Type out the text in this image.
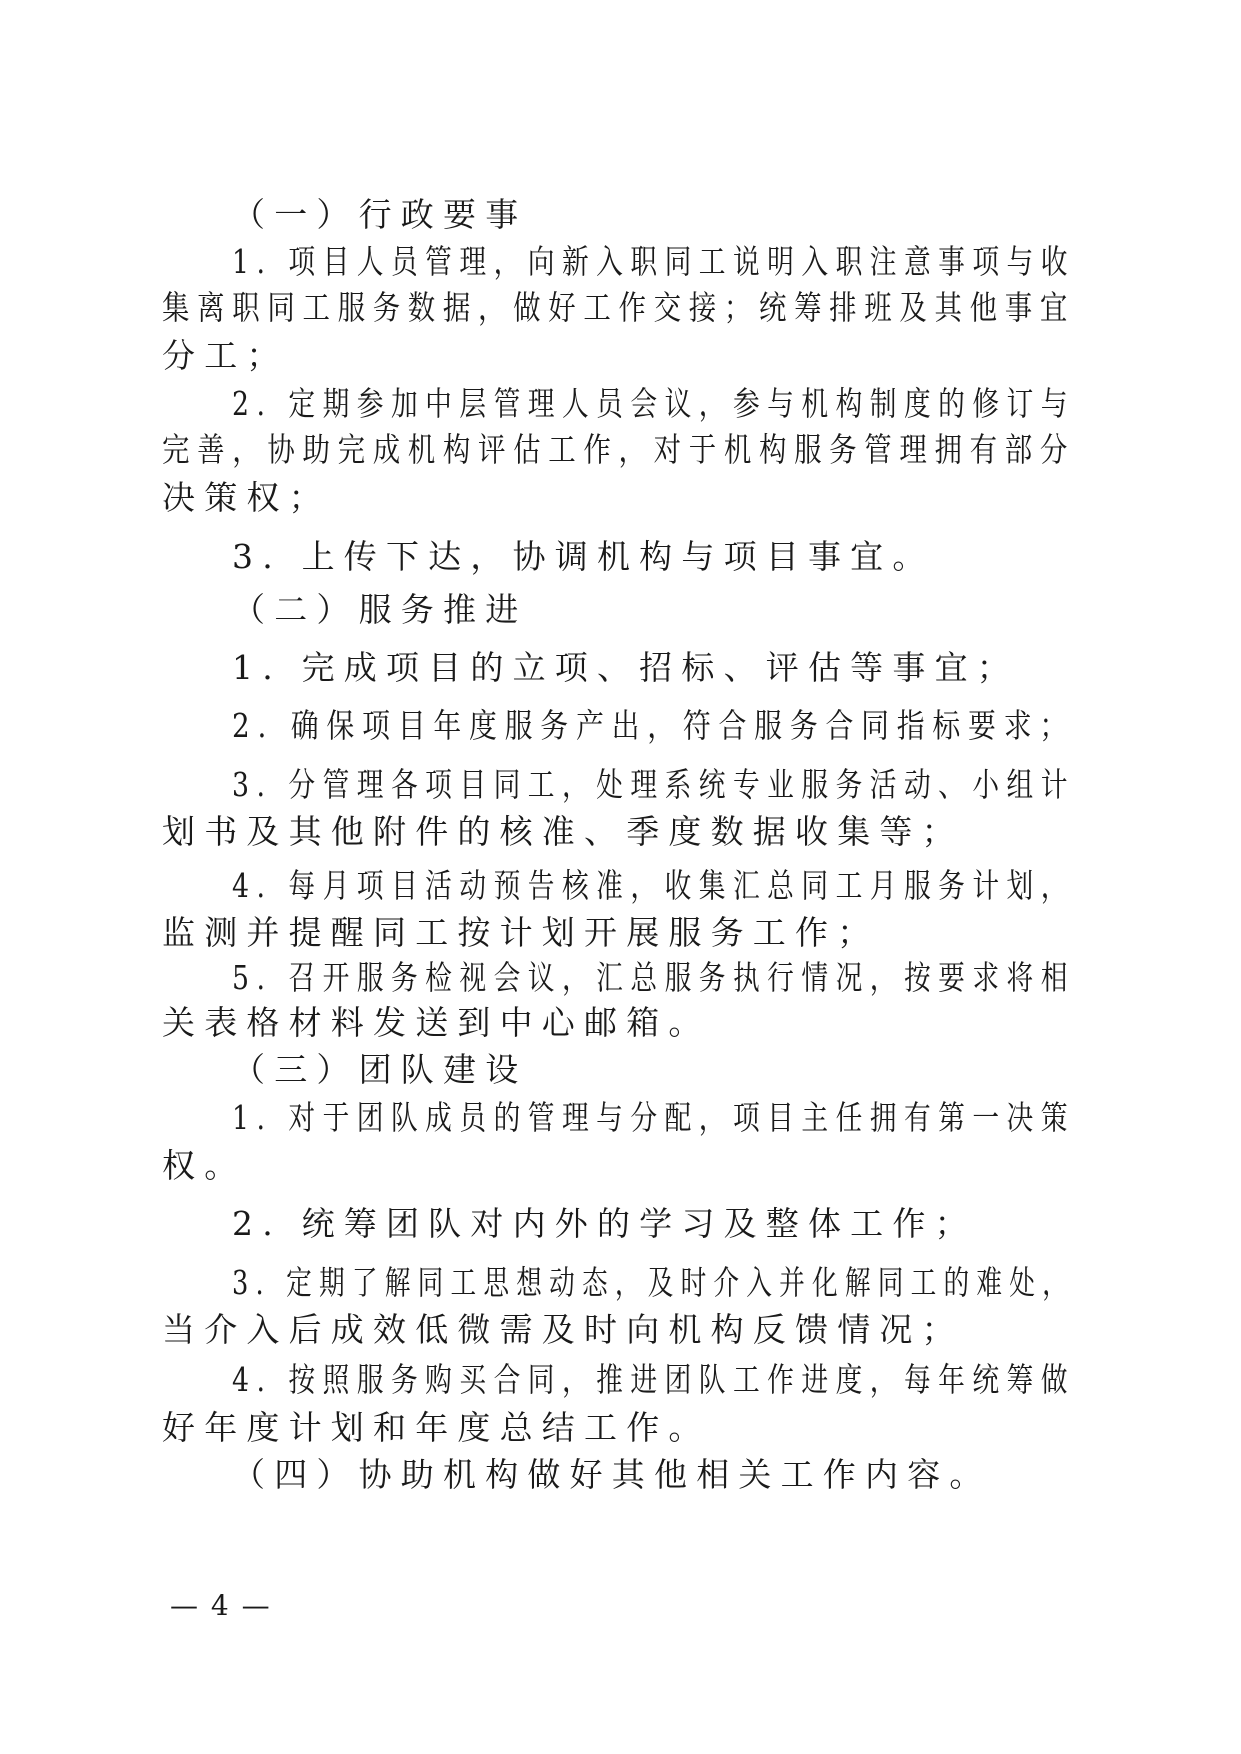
（一）行政要事
1. 项目人员管理，向新入职同工说明入职注意事项与收
集离职同工服务数据，做好工作交接；统筹排班及其他事宜
分工；
2. 定期参加中层管理人员会议，参与机构制度的修订与
完善，协助完成机构评估工作，对于机构服务管理拥有部分
决策权；
3. 上传下达，协调机构与项目事宜。
（二）服务推进
1. 完成项目的立项、招标、评估等事宜；
2. 确保项目年度服务产出，符合服务合同指标要求；
3. 分管理各项目同工，处理系统专业服务活动、小组计
划书及其他附件的核准、季度数据收集等；
4. 每月项目活动预告核准，收集汇总同工月服务计划，
监测并提醒同工按计划开展服务工作；
5. 召开服务检视会议，汇总服务执行情况，按要求将相
关表格材料发送到中心邮箱。
（三）团队建设
1. 对于团队成员的管理与分配，项目主任拥有第一决策
权。
2. 统筹团队对内外的学习及整体工作；
3. 定期了解同工思想动态，及时介入并化解同工的难处，
当介入后成效低微需及时向机构反馈情况；
4. 按照服务购买合同，推进团队工作进度，每年统筹做
好年度计划和年度总结工作。
（四）协助机构做好其他相关工作内容。
— 4 —
